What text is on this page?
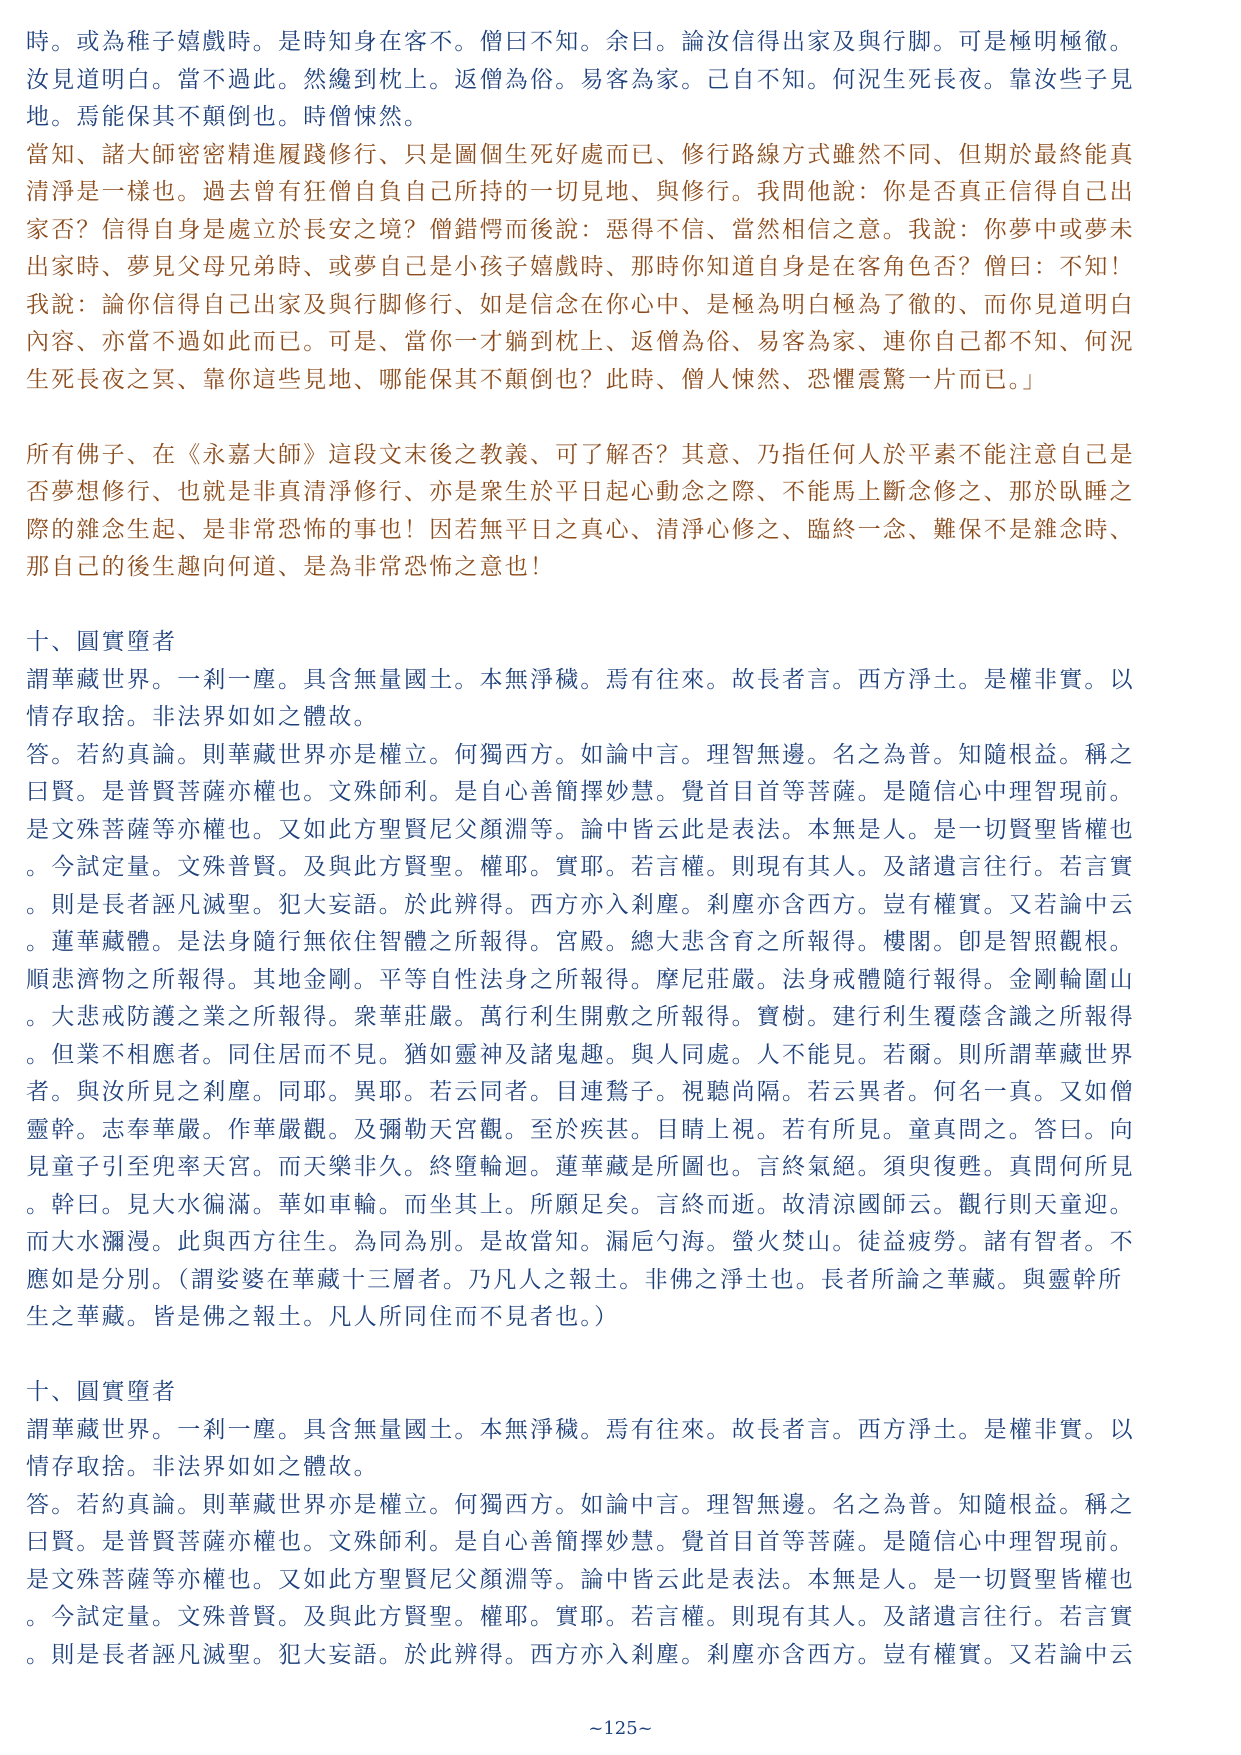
時。或為稚子嬉戲時。是時知身在客不。僧曰不知。余曰。論汝信得出家及與行脚。可是極明極徹。
汝見道明白。當不過此。然纔到枕上。返僧為俗。易客為家。己自不知。何況生死長夜。靠汝些子見
地。焉能保其不顛倒也。時僧悚然。
當知、諸大師密密精進履踐修行、只是圖個生死好處而已、修行路線方式雖然不同、但期於最終能真
清淨是一樣也。過去曾有狂僧自負自己所持的一切見地、與修行。我問他說：你是否真正信得自己出
家否？信得自身是處立於長安之境？僧錯愕而後說：惡得不信、當然相信之意。我說：你夢中或夢未
出家時、夢見父母兄弟時、或夢自己是小孩子嬉戲時、那時你知道自身是在客角色否？僧曰：不知！
我說：論你信得自己出家及與行脚修行、如是信念在你心中、是極為明白極為了徹的、而你見道明白
內容、亦當不過如此而已。可是、當你一才躺到枕上、返僧為俗、易客為家、連你自己都不知、何況
生死長夜之冥、靠你這些見地、哪能保其不顛倒也？此時、僧人悚然、恐懼震驚一片而已。」
所有佛子、在《永嘉大師》這段文末後之教義、可了解否？其意、乃指任何人於平素不能注意自己是
否夢想修行、也就是非真清淨修行、亦是衆生於平日起心動念之際、不能馬上斷念修之、那於臥睡之
際的雜念生起、是非常恐怖的事也！因若無平日之真心、清淨心修之、臨終一念、難保不是雜念時、
那自己的後生趣向何道、是為非常恐怖之意也！

十、圓實墮者

謂華藏世界。一剎一塵。具含無量國土。本無淨穢。焉有往來。故長者言。西方淨土。是權非實。以
情存取捨。非法界如如之體故。
答。若約真論。則華藏世界亦是權立。何獨西方。如論中言。理智無邊。名之為普。知隨根益。稱之
曰賢。是普賢菩薩亦權也。文殊師利。是自心善簡擇妙慧。覺首目首等菩薩。是隨信心中理智現前。
是文殊菩薩等亦權也。又如此方聖賢尼父顏淵等。論中皆云此是表法。本無是人。是一切賢聖皆權也
。今試定量。文殊普賢。及與此方賢聖。權耶。實耶。若言權。則現有其人。及諸遺言往行。若言實
。則是長者誣凡滅聖。犯大妄語。於此辨得。西方亦入剎塵。剎塵亦含西方。豈有權實。又若論中云
。蓮華藏體。是法身隨行無依住智體之所報得。宮殿。總大悲含育之所報得。樓閣。卽是智照觀根。
順悲濟物之所報得。其地金剛。平等自性法身之所報得。摩尼莊嚴。法身戒體隨行報得。金剛輪圍山
。大悲戒防護之業之所報得。衆華莊嚴。萬行利生開敷之所報得。寶樹。建行利生覆蔭含識之所報得
。但業不相應者。同住居而不見。猶如靈神及諸鬼趣。與人同處。人不能見。若爾。則所謂華藏世界
者。與汝所見之剎塵。同耶。異耶。若云同者。目連鶖子。視聽尚隔。若云異者。何名一真。又如僧
靈幹。志奉華嚴。作華嚴觀。及彌勒天宮觀。至於疾甚。目睛上視。若有所見。童真問之。答曰。向
見童子引至兜率天宮。而天樂非久。終墮輪迴。蓮華藏是所圖也。言終氣絕。須臾復甦。真問何所見
。幹曰。見大水徧滿。華如車輪。而坐其上。所願足矣。言終而逝。故清涼國師云。觀行則天童迎。
而大水瀰漫。此與西方往生。為同為別。是故當知。漏巵勺海。螢火焚山。徒益疲勞。諸有智者。不
應如是分別。（謂娑婆在華藏十三層者。乃凡人之報土。非佛之淨土也。長者所論之華藏。與靈幹所
生之華藏。皆是佛之報土。凡人所同住而不見者也。）

十、圓實墮者

謂華藏世界。一剎一塵。具含無量國土。本無淨穢。焉有往來。故長者言。西方淨土。是權非實。以
情存取捨。非法界如如之體故。
答。若約真論。則華藏世界亦是權立。何獨西方。如論中言。理智無邊。名之為普。知隨根益。稱之
曰賢。是普賢菩薩亦權也。文殊師利。是自心善簡擇妙慧。覺首目首等菩薩。是隨信心中理智現前。
是文殊菩薩等亦權也。又如此方聖賢尼父顏淵等。論中皆云此是表法。本無是人。是一切賢聖皆權也
。今試定量。文殊普賢。及與此方賢聖。權耶。實耶。若言權。則現有其人。及諸遺言往行。若言實
。則是長者誣凡滅聖。犯大妄語。於此辨得。西方亦入剎塵。剎塵亦含西方。豈有權實。又若論中云
~125~
